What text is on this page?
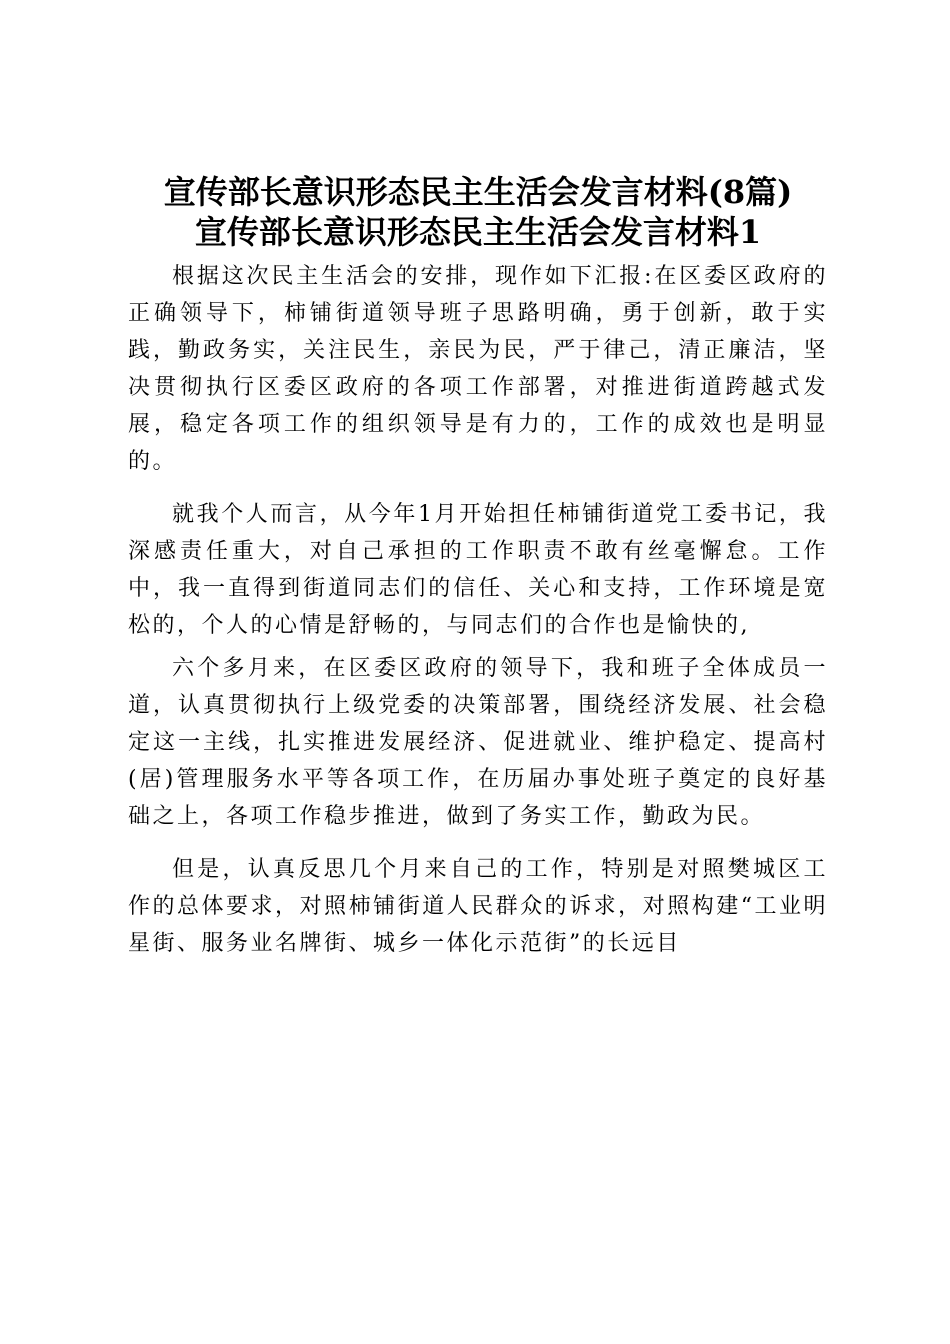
宣传部长意识形态民主生活会发言材料(8篇)
宣传部长意识形态民主生活会发言材料1

根据这次民主生活会的安排，现作如下汇报:在区委区政府的正确领导下，柿铺街道领导班子思路明确，勇于创新，敢于实践，勤政务实，关注民生，亲民为民，严于律己，清正廉洁，坚决贯彻执行区委区政府的各项工作部署，对推进街道跨越式发展，稳定各项工作的组织领导是有力的，工作的成效也是明显的。

就我个人而言，从今年1月开始担任柿铺街道党工委书记，我深感责任重大，对自己承担的工作职责不敢有丝毫懈怠。工作中，我一直得到街道同志们的信任、关心和支持，工作环境是宽松的，个人的心情是舒畅的，与同志们的合作也是愉快的,

六个多月来，在区委区政府的领导下，我和班子全体成员一道，认真贯彻执行上级党委的决策部署，围绕经济发展、社会稳定这一主线，扎实推进发展经济、促进就业、维护稳定、提高村(居)管理服务水平等各项工作，在历届办事处班子奠定的良好基础之上，各项工作稳步推进，做到了务实工作，勤政为民。

但是，认真反思几个月来自己的工作，特别是对照樊城区工作的总体要求，对照柿铺街道人民群众的诉求，对照构建“工业明星街、服务业名牌街、城乡一体化示范街”的长远目
